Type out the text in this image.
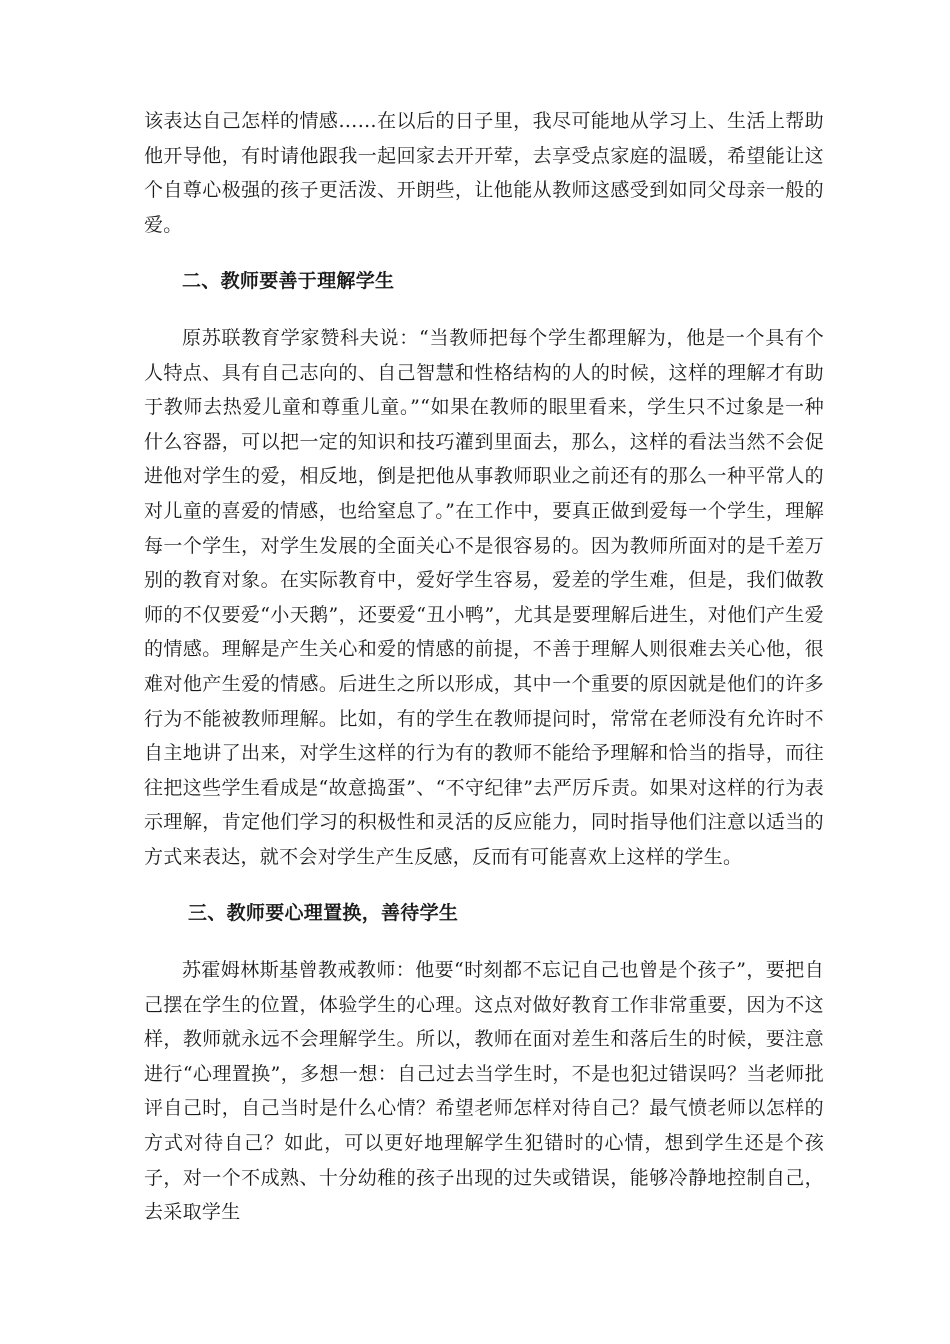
该表达自己怎样的情感……在以后的日子里，我尽可能地从学习上、生活上帮助他开导他，有时请他跟我一起回家去开开荤，去享受点家庭的温暖，希望能让这个自尊心极强的孩子更活泼、开朗些，让他能从教师这感受到如同父母亲一般的爱。

二、教师要善于理解学生

原苏联教育学家赞科夫说：“当教师把每个学生都理解为，他是一个具有个人特点、具有自己志向的、自己智慧和性格结构的人的时候，这样的理解才有助于教师去热爱儿童和尊重儿童。”“如果在教师的眼里看来，学生只不过象是一种什么容器，可以把一定的知识和技巧灌到里面去，那么，这样的看法当然不会促进他对学生的爱，相反地，倒是把他从事教师职业之前还有的那么一种平常人的对儿童的喜爱的情感，也给窒息了。”在工作中，要真正做到爱每一个学生，理解每一个学生，对学生发展的全面关心不是很容易的。因为教师所面对的是千差万别的教育对象。在实际教育中，爱好学生容易，爱差的学生难，但是，我们做教师的不仅要爱“小天鹅”，还要爱“丑小鸭”，尤其是要理解后进生，对他们产生爱的情感。理解是产生关心和爱的情感的前提，不善于理解人则很难去关心他，很难对他产生爱的情感。后进生之所以形成，其中一个重要的原因就是他们的许多行为不能被教师理解。比如，有的学生在教师提问时，常常在老师没有允许时不自主地讲了出来，对学生这样的行为有的教师不能给予理解和恰当的指导，而往往把这些学生看成是“故意捣蛋”、“不守纪律”去严厉斥责。如果对这样的行为表示理解，肯定他们学习的积极性和灵活的反应能力，同时指导他们注意以适当的方式来表达，就不会对学生产生反感，反而有可能喜欢上这样的学生。

三、教师要心理置换，善待学生

苏霍姆林斯基曾教戒教师：他要“时刻都不忘记自己也曾是个孩子”，要把自己摆在学生的位置，体验学生的心理。这点对做好教育工作非常重要，因为不这样，教师就永远不会理解学生。所以，教师在面对差生和落后生的时候，要注意进行“心理置换”，多想一想：自己过去当学生时，不是也犯过错误吗？当老师批评自己时，自己当时是什么心情？希望老师怎样对待自己？最气愤老师以怎样的方式对待自己？如此，可以更好地理解学生犯错时的心情，想到学生还是个孩子，对一个不成熟、十分幼稚的孩子出现的过失或错误，能够冷静地控制自己，去采取学生
